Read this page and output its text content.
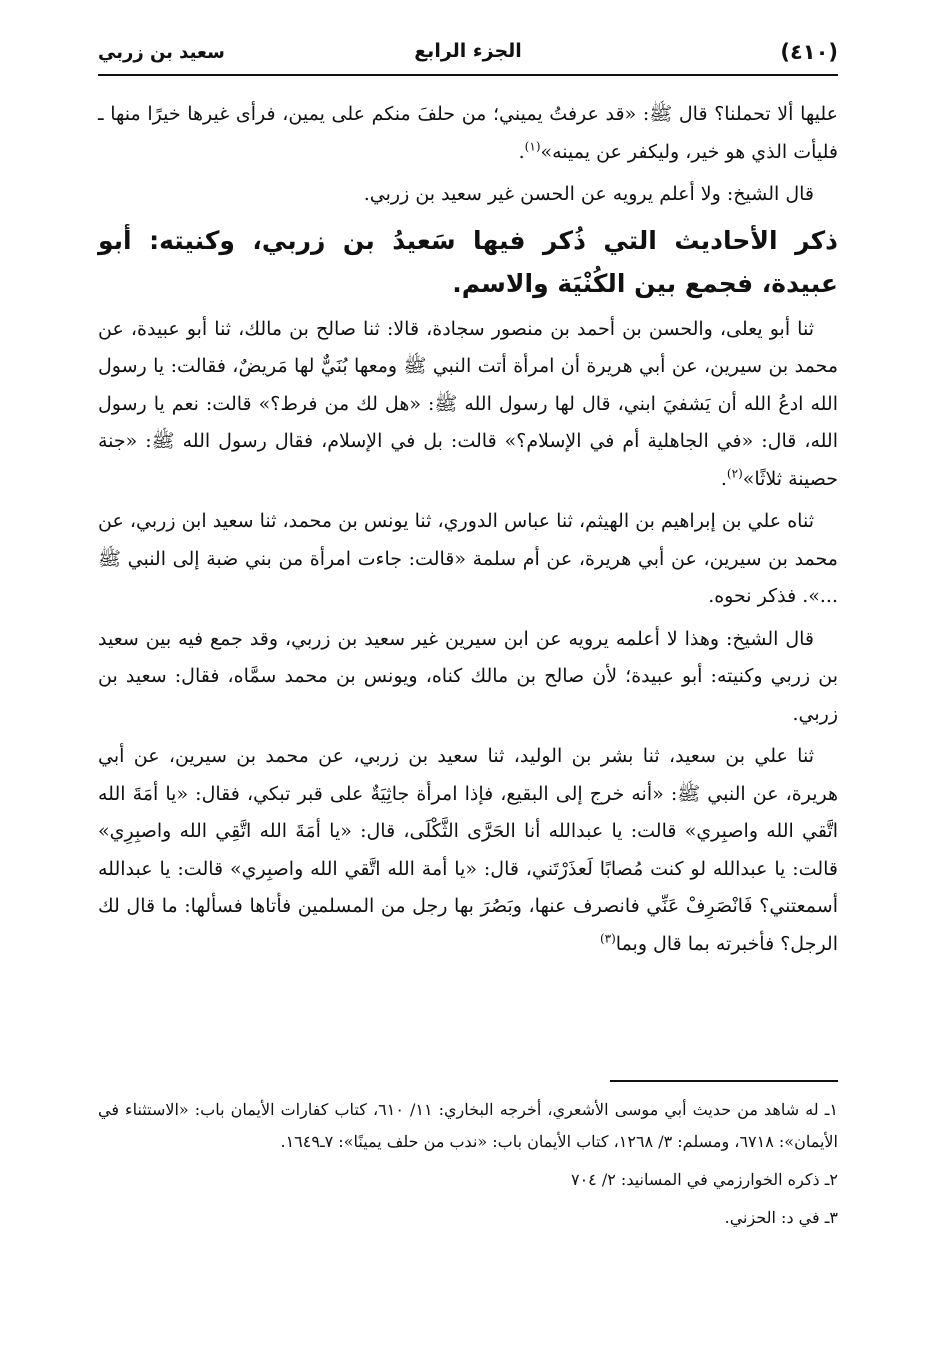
(٤١٠)
الجزء الرابع
سعيد بن زربي

عليها ألا تحملنا؟ قال ﷺ: «قد عرفتُ يميني؛ من حلفَ منكم على يمين، فرأى غيرها خيرًا منها ـ فليأت الذي هو خير، وليكفر عن يمينه»$^{(١)}$.

قال الشيخ: ولا أعلم يرويه عن الحسن غير سعيد بن زربي.

ذكر الأحاديث التي ذُكر فيها سَعيدُ بن زربي، وكنيته: أبو عبيدة، فجمع بين الكُنْيَة والاسم.

ثنا أبو يعلى، والحسن بن أحمد بن منصور سجادة، قالا: ثنا صالح بن مالك، ثنا أبو عبيدة، عن محمد بن سيرين، عن أبي هريرة أن امرأة أتت النبي ﷺ ومعها بُنَيٌّ لها مَريضٌ، فقالت: يا رسول الله ادعُ الله أن يَشفيَ ابني، قال لها رسول الله ﷺ: «هل لك من فرط؟» قالت: نعم يا رسول الله، قال: «في الجاهلية أم في الإسلام؟» قالت: بل في الإسلام، فقال رسول الله ﷺ: «جنة حصينة ثلاثًا»$^{(٢)}$.

ثناه علي بن إبراهيم بن الهيثم، ثنا عباس الدوري، ثنا يونس بن محمد، ثنا سعيد ابن زربي، عن محمد بن سيرين، عن أبي هريرة، عن أم سلمة «قالت: جاءت امرأة من بني ضبة إلى النبي ﷺ ...». فذكر نحوه.

قال الشيخ: وهذا لا أعلمه يرويه عن ابن سيرين غير سعيد بن زربي، وقد جمع فيه بين سعيد بن زربي وكنيته: أبو عبيدة؛ لأن صالح بن مالك كناه، ويونس بن محمد سمَّاه، فقال: سعيد بن زربي.

ثنا علي بن سعيد، ثنا بشر بن الوليد، ثنا سعيد بن زربي، عن محمد بن سيرين، عن أبي هريرة، عن النبي ﷺ: «أنه خرج إلى البقيع، فإذا امرأة جاثِيَةٌ على قبر تبكي، فقال: «يا أمَةَ الله اتَّقي الله واصبِري» قالت: يا عبدالله أنا الحَرَّى الثَّكْلَى، قال: «يا أمَةَ الله اتَّقِي الله واصبِرِي» قالت: يا عبدالله لو كنت مُصابًا لَعذَرْتَني، قال: «يا أمة الله اتَّقي الله واصبِري» قالت: يا عبدالله أسمعتني؟ فَانْصَرِفْ عَنِّي فانصرف عنها، وبَصُرَ بها رجل من المسلمين فأتاها فسألها: ما قال لك الرجل؟ فأخبرته بما قال وبما$^{(٣)}$

١ـ له شاهد من حديث أبي موسى الأشعري، أخرجه البخاري: ١١/ ٦١٠، كتاب كفارات الأيمان باب: «الاستثناء في الأيمان»: ٦٧١٨، ومسلم: ٣/ ١٢٦٨، كتاب الأيمان باب: «ندب من حلف يمينًا»: ٧ـ١٦٤٩.

٢ـ ذكره الخوارزمي في المسانيد: ٢/ ٧٠٤

٣ـ في د: الحزني.
